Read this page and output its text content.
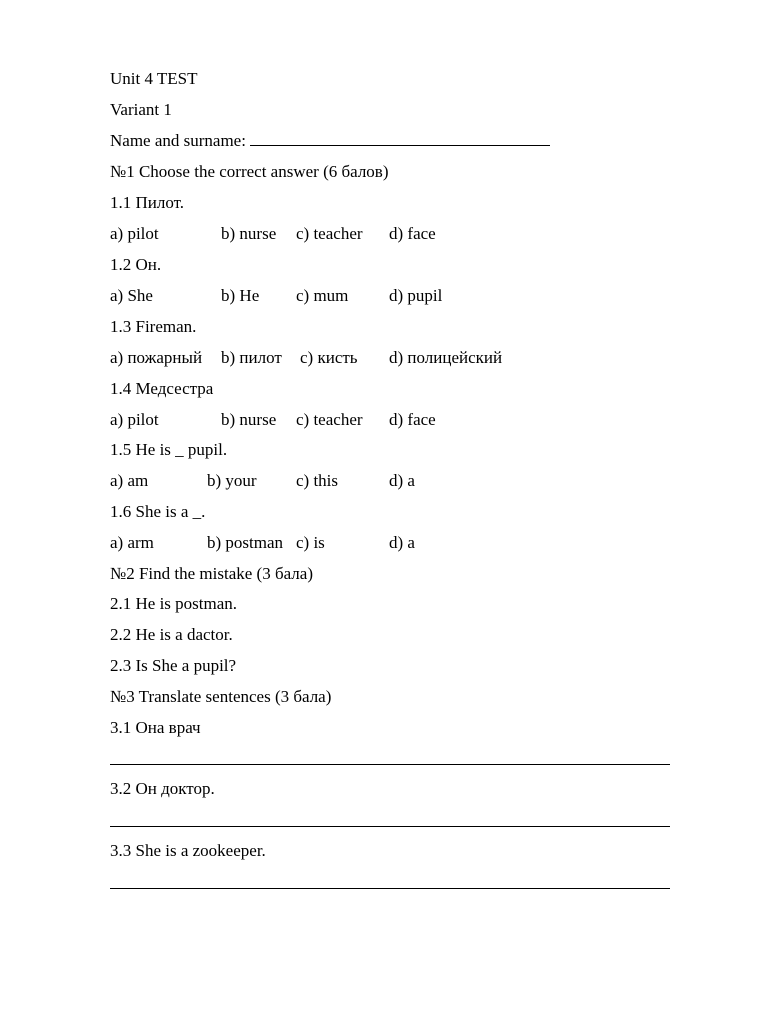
Unit 4 TEST
Variant 1
Name and surname:
№1 Choose the correct answer (6 балов)
1.1 Пилот.
a) pilot	b) nurse c) teacher d) face
1.2 Он.
a) She	b) He c) mum d) pupil
1.3 Fireman.
a) пожарный b) пилот c) кисть d) полицейский
1.4 Медсестра
a) pilot	b) nurse c) teacher d) face
1.5 He is _ pupil.
a) am	b) your c) this	d) a
1.6 She is a _.
a) arm	b) postman c) is	d) a
№2 Find the mistake (3 бала)
2.1 He is postman.
2.2 He is a dactor.
2.3 Is She a pupil?
№3 Translate sentences (3 бала)
3.1 Она врач
3.2 Он доктор.
3.3 She is a zookeeper.
